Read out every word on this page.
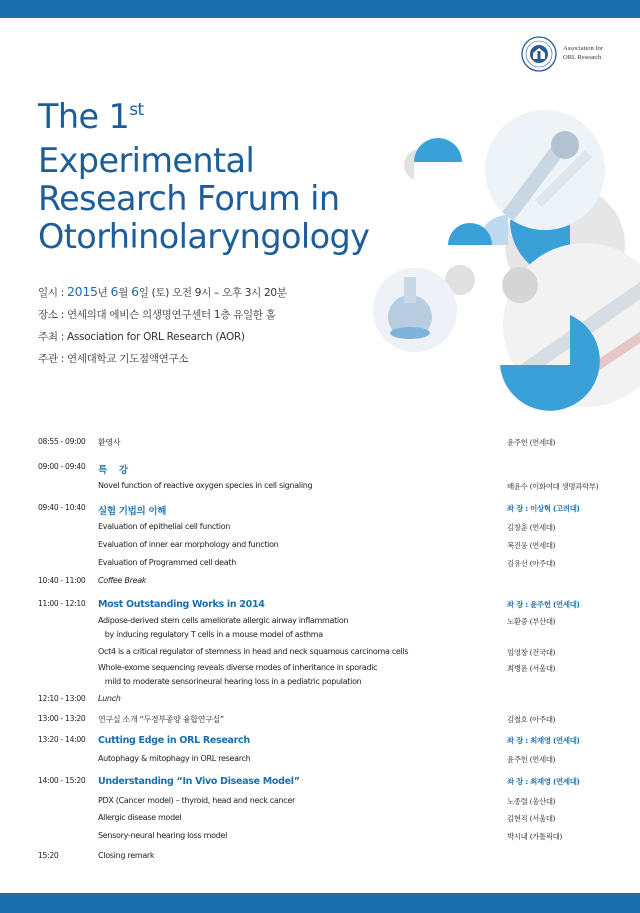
Association for
ORL Research
The 1st
Experimental
Research Forum in
Otorhinolaryngology
일시 : 2015년 6월 6일 (토) 오전 9시 – 오후 3시 20분
장소 : 연세의대 에비슨 의생명연구센터 1층 유일한 홀
주최 : Association for ORL Research (AOR)
주관 : 연세대학교 기도점액연구소
08:55 - 09:00 환영사	윤주헌 (연세대)
09:00 - 09:40 특    강
Novel function of reactive oxygen species in cell signaling	배윤수 (이화여대 생명과학부)
09:40 - 10:40 실험 기법의 이해	좌 장 : 이상혁 (고려대)
Evaluation of epithelial cell function	김창훈 (연세대)
Evaluation of inner ear morphology and function	복진웅 (연세대)
Evaluation of Programmed cell death	김유선 (아주대)
10:40 - 11:00 Coffee Break
11:00 - 12:10 Most Outstanding Works in 2014	좌 장 : 윤주헌 (연세대)
Adipose-derived stem cells ameliorate allergic airway inflammation	노환중 (부산대)
by inducing regulatory T cells in a mouse model of asthma
Oct4 is a critical regulator of stemness in head and neck squamous carcinoma cells	임영창 (건국대)
Whole-exome sequencing reveals diverse modes of inheritance in sporadic	최병윤 (서울대)
mild to moderate sensorineural hearing loss in a pediatric population
12:10 - 13:00 Lunch
13:00 - 13:20 연구실 소개 “두경부종양 융합연구실”	김철호 (아주대)
13:20 - 14:00 Cutting Edge in ORL Research	좌 장 : 최재영 (연세대)
Autophagy & mitophagy in ORL research	윤주헌 (연세대)
14:00 - 15:20 Understanding “In Vivo Disease Model”	좌 장 : 최재영 (연세대)
PDX (Cancer model) – thyroid, head and neck cancer	노종렬 (울산대)
Allergic disease model	김현직 (서울대)
Sensory-neural hearing loss model	박시내 (가톨릭대)
15:20	Closing remark
